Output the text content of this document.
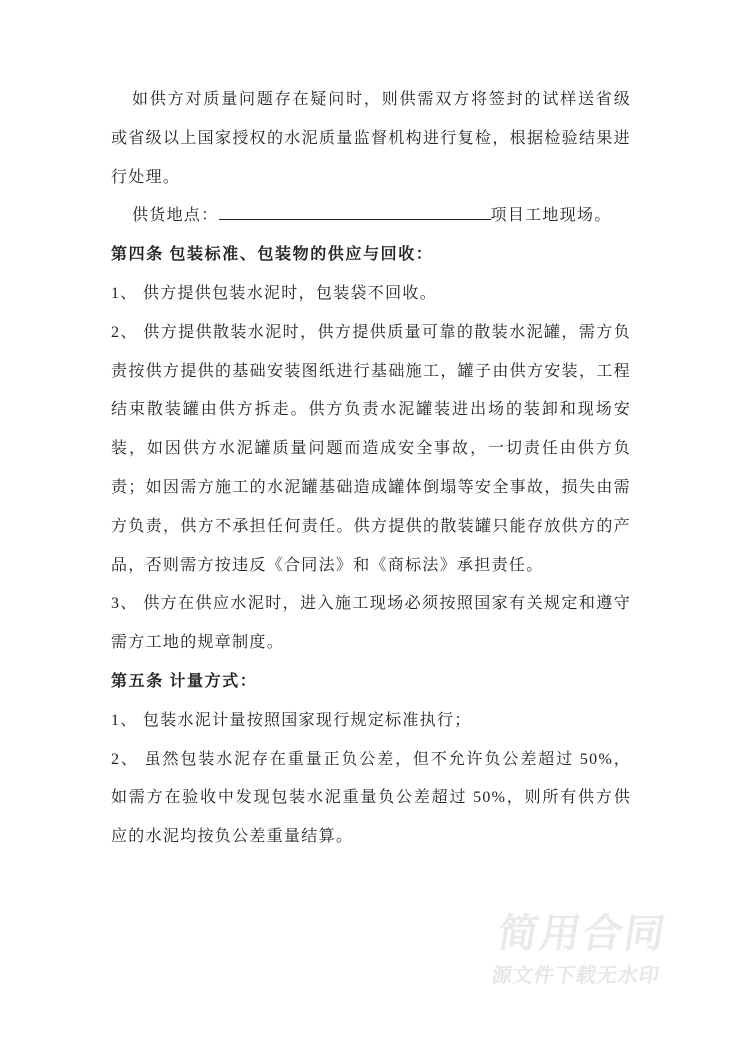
如供方对质量问题存在疑问时，则供需双方将签封的试样送省级或省级以上国家授权的水泥质量监督机构进行复检，根据检验结果进行处理。

供货地点：	项目工地现场。

第四条 包装标准、包装物的供应与回收：

1、 供方提供包装水泥时，包装袋不回收。

2、 供方提供散装水泥时，供方提供质量可靠的散装水泥罐，需方负责按供方提供的基础安装图纸进行基础施工，罐子由供方安装，工程结束散装罐由供方拆走。供方负责水泥罐装进出场的装卸和现场安装，如因供方水泥罐质量问题而造成安全事故，一切责任由供方负责；如因需方施工的水泥罐基础造成罐体倒塌等安全事故，损失由需方负责，供方不承担任何责任。供方提供的散装罐只能存放供方的产品，否则需方按违反《合同法》和《商标法》承担责任。

3、 供方在供应水泥时，进入施工现场必须按照国家有关规定和遵守需方工地的规章制度。

第五条 计量方式：

1、 包装水泥计量按照国家现行规定标准执行；

2、 虽然包装水泥存在重量正负公差，但不允许负公差超过 50%，如需方在验收中发现包装水泥重量负公差超过 50%，则所有供方供应的水泥均按负公差重量结算。

简用合同
源文件下载无水印
